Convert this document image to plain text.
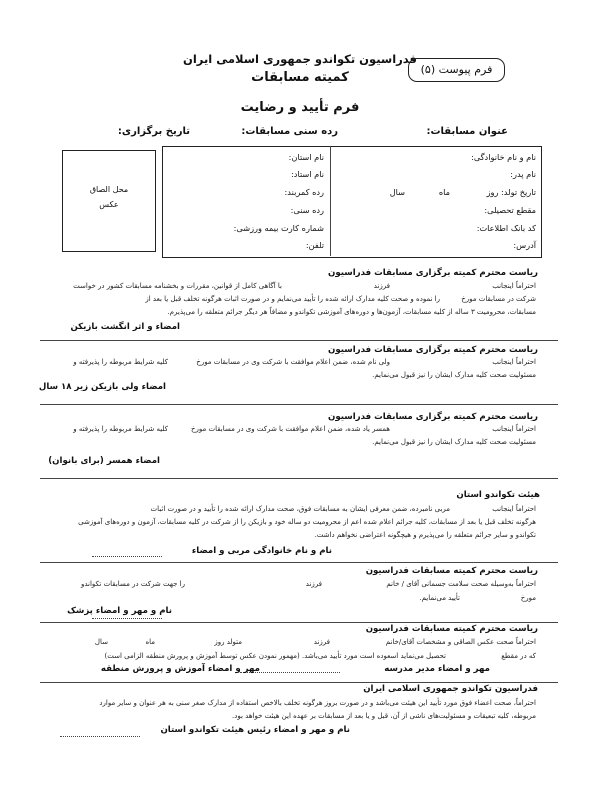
فدراسیون تکواندو جمهوری اسلامی ایران
کمیته مسابقات
فرم پیوست (۵)
فرم تأیید و رضایت
عنوان مسابقات:
رده سنی مسابقات:
تاریخ برگزاری:
محل الصاق
عکس
نام و نام خانوادگی:
نام پدر:
تاریخ تولد: روز
ماه
سال
مقطع تحصیلی:
کد بانک اطلاعات:
آدرس:
نام استان:
نام استاد:
رده کمربند:
رده سنی:
شماره کارت بیمه ورزشی:
تلفن:
ریاست محترم کمیته برگزاری مسابقات فدراسیون
احتراماً اینجانب
فرزند
با آگاهی کامل از قوانین، مقررات و بخشنامه مسابقات کشور در خواست
شرکت در مسابقات مورخ
را نموده و صحت کلیه مدارک ارائه شده را تأیید می‌نمایم و در صورت اثبات هرگونه تخلف قبل یا بعد از
مسابقات، محرومیت ۳ ساله از کلیه مسابقات، آزمون‌ها و دوره‌های آموزشی تکواندو و مضافاً هر دیگر جرائم متعلقه را می‌پذیرم.
امضاء و اثر انگشت بازیکن
ریاست محترم کمیته برگزاری مسابقات فدراسیون
احتراماً اینجانب
ولی نام شده، ضمن اعلام موافقت با شرکت وی در مسابقات مورخ
کلیه شرایط مربوطه را پذیرفته و
مسئولیت صحت کلیه مدارک ایشان را نیز قبول می‌نمایم.
امضاء ولی بازیکن زیر ۱۸ سال
ریاست محترم کمیته برگزاری مسابقات فدراسیون
احتراماً اینجانب
همسر یاد شده، ضمن اعلام موافقت با شرکت وی در مسابقات مورخ
کلیه شرایط مربوطه را پذیرفته و
مسئولیت صحت کلیه مدارک ایشان را نیز قبول می‌نمایم.
امضاء همسر (برای بانوان)
هیئت تکواندو استان
احتراماً اینجانب
مربی نامبرده، ضمن معرفی ایشان به مسابقات فوق، صحت مدارک ارائه شده را تأیید و در صورت اثبات
هرگونه تخلف قبل یا بعد از مسابقات، کلیه جرائم اعلام شده اعم از محرومیت دو ساله خود و بازیکن را از شرکت در کلیه مسابقات، آزمون و دوره‌های آموزشی
تکواندو و سایر جرائم متعلقه را می‌پذیرم و هیچگونه اعتراضی نخواهم داشت.
نام و نام خانوادگی مربی و امضاء
ریاست محترم کمیته مسابقات فدراسیون
احتراماً به‌وسیله صحت سلامت جسمانی آقای / خانم
فرزند
را جهت شرکت در مسابقات تکواندو
مورخ
تأیید می‌نمایم.
نام و مهر و امضاء پزشک
ریاست محترم کمیته مسابقات فدراسیون
احتراماً صحت عکس الصاقی و مشخصات آقای/خانم
فرزند
متولد روز
ماه
سال
که در مقطع
تحصیل می‌نماید اسعوده است مورد تأیید می‌باشد. (مهمور نمودن عکس توسط آموزش و پرورش منطقه الزامی است)
مهر و امضاء مدیر مدرسه
مهر و امضاء آموزش و پرورش منطقه
فدراسیون تکواندو جمهوری اسلامی ایران
احتراماً، صحت اعضاء فوق مورد تأیید این هیئت می‌باشد و در صورت بروز هرگونه تخلف بالاخص استفاده از مدارک صغر سنی به هر عنوان و سایر موارد
مربوطه، کلیه تبعیقات و مسئولیت‌های ناشی از آن، قبل و یا بعد از مسابقات بر عهده این هیئت خواهد بود.
نام و مهر و امضاء رئیس هیئت تکواندو استان
